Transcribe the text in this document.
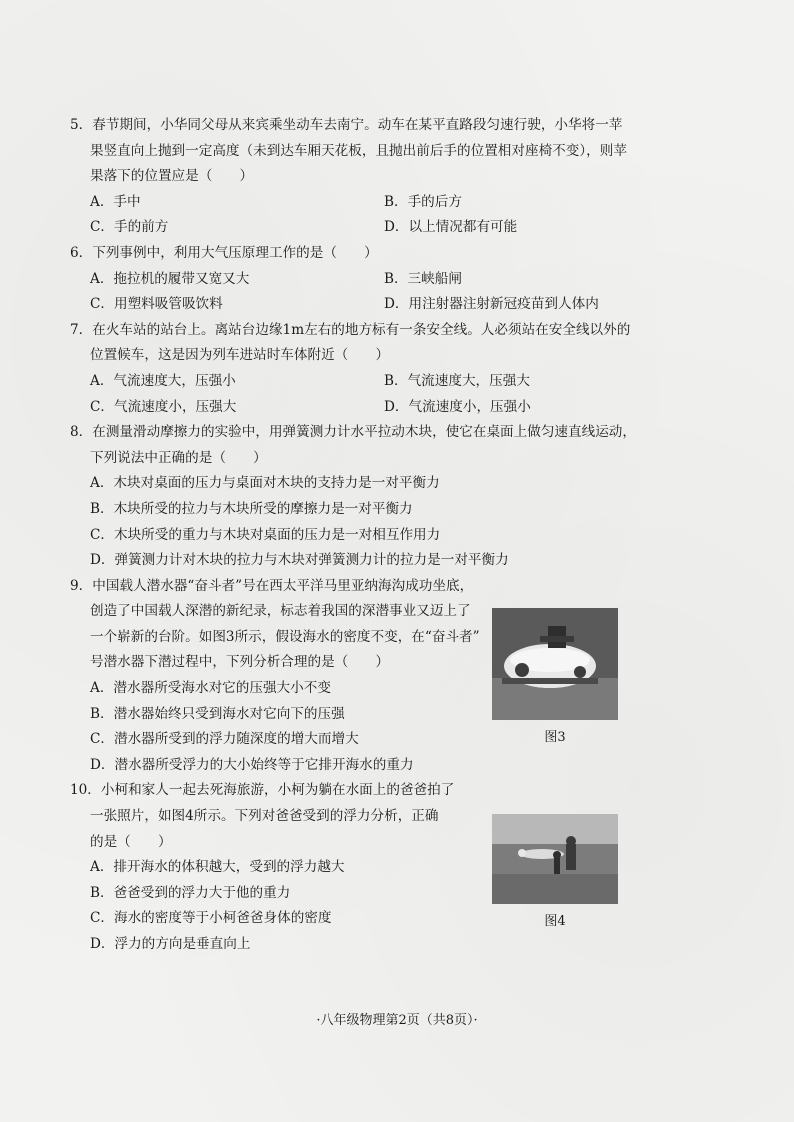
5．春节期间，小华同父母从来宾乘坐动车去南宁。动车在某平直路段匀速行驶，小华将一苹
果竖直向上抛到一定高度（未到达车厢天花板，且抛出前后手的位置相对座椅不变），则苹
果落下的位置应是（　　）
A．手中	B．手的后方
C．手的前方	D．以上情况都有可能
6．下列事例中，利用大气压原理工作的是（　　）
A．拖拉机的履带又宽又大	B．三峡船闸
C．用塑料吸管吸饮料	D．用注射器注射新冠疫苗到人体内
7．在火车站的站台上。离站台边缘1m左右的地方标有一条安全线。人必须站在安全线以外的
位置候车，这是因为列车进站时车体附近（　　）
A．气流速度大，压强小	B．气流速度大，压强大
C．气流速度小，压强大	D．气流速度小，压强小
8．在测量滑动摩擦力的实验中，用弹簧测力计水平拉动木块，使它在桌面上做匀速直线运动，
下列说法中正确的是（　　）
A．木块对桌面的压力与桌面对木块的支持力是一对平衡力
B．木块所受的拉力与木块所受的摩擦力是一对平衡力
C．木块所受的重力与木块对桌面的压力是一对相互作用力
D．弹簧测力计对木块的拉力与木块对弹簧测力计的拉力是一对平衡力
9．中国载人潜水器“奋斗者”号在西太平洋马里亚纳海沟成功坐底，
创造了中国载人深潜的新纪录，标志着我国的深潜事业又迈上了
一个崭新的台阶。如图3所示，假设海水的密度不变，在“奋斗者”
号潜水器下潜过程中，下列分析合理的是（　　）
A．潜水器所受海水对它的压强大小不变
B．潜水器始终只受到海水对它向下的压强
C．潜水器所受到的浮力随深度的增大而增大
D．潜水器所受浮力的大小始终等于它排开海水的重力
10．小柯和家人一起去死海旅游，小柯为躺在水面上的爸爸拍了
一张照片，如图4所示。下列对爸爸受到的浮力分析，正确
的是（　　）
A．排开海水的体积越大，受到的浮力越大
B．爸爸受到的浮力大于他的重力
C．海水的密度等于小柯爸爸身体的密度
D．浮力的方向是垂直向上
图3
图4
·八年级物理第2页（共8页）·
